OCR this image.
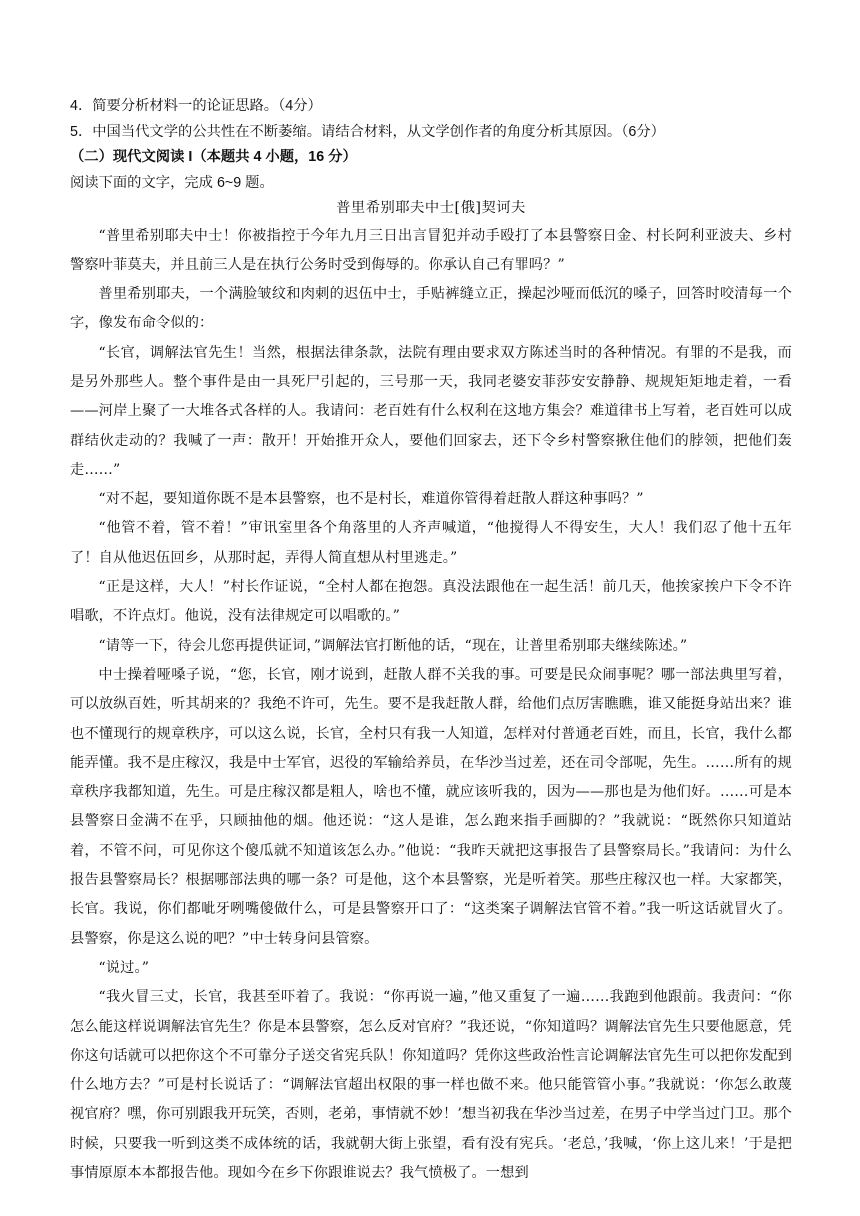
4．简要分析材料一的论证思路。（4分）
5．中国当代文学的公共性在不断萎缩。请结合材料，从文学创作者的角度分析其原因。（6分）
（二）现代文阅读 I（本题共 4 小题，16 分）
阅读下面的文字，完成 6~9 题。
普里希别耶夫中士[俄]契诃夫

“普里希别耶夫中士！你被指控于今年九月三日出言冒犯并动手殴打了本县警察日金、村长阿利亚波夫、乡村警察叶菲莫夫，并且前三人是在执行公务时受到侮辱的。你承认自己有罪吗？”

普里希别耶夫，一个满脸皱纹和肉刺的迟伍中士，手贴裤缝立正，操起沙哑而低沉的嗓子，回答时咬清每一个字，像发布命令似的：

“长官，调解法官先生！当然，根据法律条款，法院有理由要求双方陈述当时的各种情况。有罪的不是我，而是另外那些人。整个事件是由一具死尸引起的，三号那一天，我同老婆安菲莎安安静静、规规矩矩地走着，一看——河岸上聚了一大堆各式各样的人。我请问：老百姓有什么权利在这地方集会？难道律书上写着，老百姓可以成群结伙走动的？我喊了一声：散开！开始推开众人，要他们回家去，还下令乡村警察揪住他们的脖领，把他们轰走……”

“对不起，要知道你既不是本县警察，也不是村长，难道你管得着赶散人群这种事吗？”

“他管不着，管不着！”审讯室里各个角落里的人齐声喊道，“他搅得人不得安生，大人！我们忍了他十五年了！自从他迟伍回乡，从那时起，弄得人简直想从村里逃走。”

“正是这样，大人！”村长作证说，“全村人都在抱怨。真没法跟他在一起生活！前几天，他挨家挨户下令不许唱歌，不许点灯。他说，没有法律规定可以唱歌的。”

“请等一下，待会儿您再提供证词，”调解法官打断他的话，“现在，让普里希别耶夫继续陈述。”

中士操着哑嗓子说，“您，长官，刚才说到，赶散人群不关我的事。可要是民众闹事呢？哪一部法典里写着，可以放纵百姓，听其胡来的？我绝不许可，先生。要不是我赶散人群，给他们点厉害瞧瞧，谁又能挺身站出来？谁也不懂现行的规章秩序，可以这么说，长官，全村只有我一人知道，怎样对付普通老百姓，而且，长官，我什么都能弄懂。我不是庄稼汉，我是中士军官，迟役的军输给养员，在华沙当过差，还在司令部呢，先生。……所有的规章秩序我都知道，先生。可是庄稼汉都是粗人，啥也不懂，就应该听我的，因为——那也是为他们好。……可是本县警察日金满不在乎，只顾抽他的烟。他还说：“这人是谁，怎么跑来指手画脚的？”我就说：“既然你只知道站着，不管不问，可见你这个傻瓜就不知道该怎么办。”他说：“我昨天就把这事报告了县警察局长。”我请问：为什么报告县警察局长？根据哪部法典的哪一条？可是他，这个本县警察，光是听着笑。那些庄稼汉也一样。大家都笑，长官。我说，你们都呲牙咧嘴傻做什么，可是县警察开口了：“这类案子调解法官管不着。”我一听这话就冒火了。县警察，你是这么说的吧？”中士转身问县管察。

“说过。”

“我火冒三丈，长官，我甚至吓着了。我说：“你再说一遍，”他又重复了一遍……我跑到他跟前。我责问：“你怎么能这样说调解法官先生？你是本县警察，怎么反对官府？”我还说，“你知道吗？调解法官先生只要他愿意，凭你这句话就可以把你这个不可靠分子送交省宪兵队！你知道吗？凭你这些政治性言论调解法官先生可以把你发配到什么地方去？”可是村长说话了：“调解法官超出权限的事一样也做不来。他只能管管小事。”我就说：‘你怎么敢蔑视官府？嘿，你可别跟我开玩笑，否则，老弟，事情就不妙！’想当初我在华沙当过差，在男子中学当过门卫。那个时候，只要我一听到这类不成体统的话，我就朝大街上张望，看有没有宪兵。‘老总，’我喊，‘你上这儿来！’于是把事情原原本本都报告他。现如今在乡下你跟谁说去？我气愤极了。一想到
